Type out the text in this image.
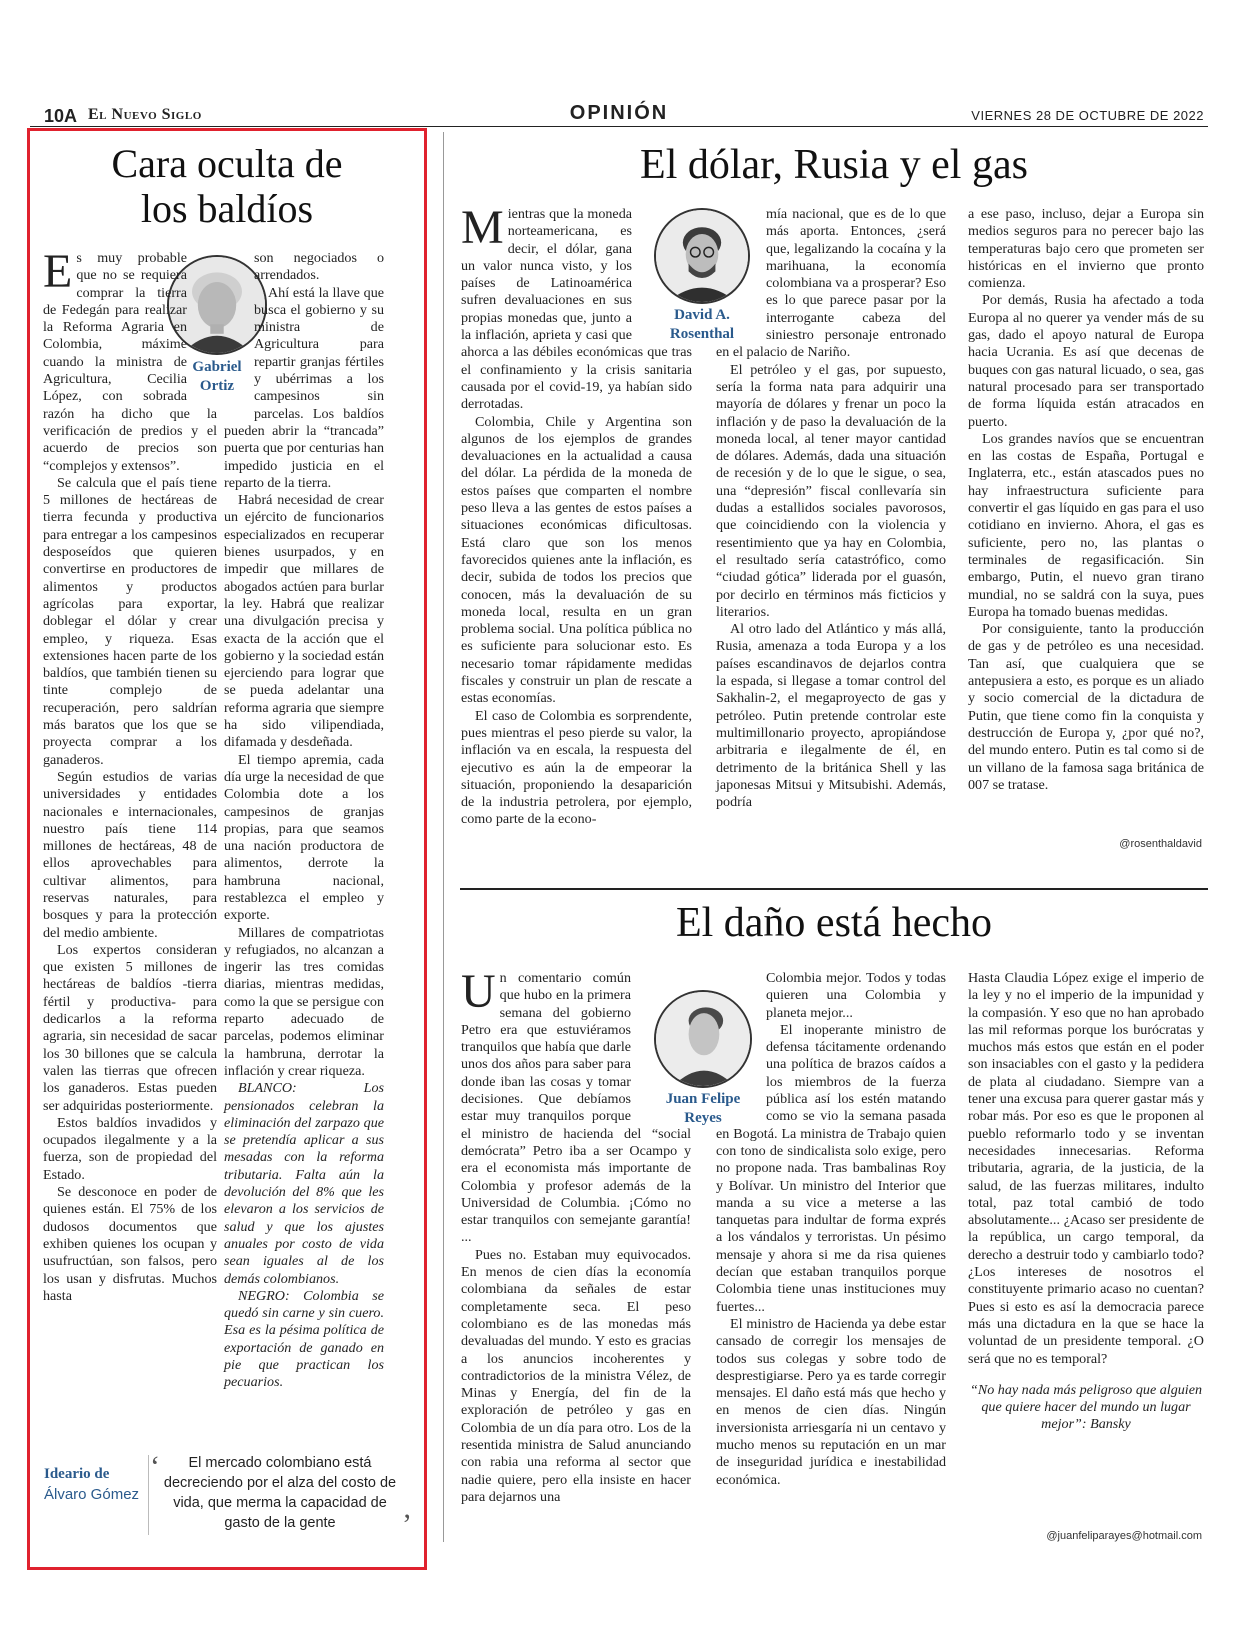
10A El Nuevo Siglo	OPINIÓN	VIERNES 28 DE OCTUBRE DE 2022
Cara oculta de
los baldíos
Gabriel
Ortiz
E s muy probable que no se requiera comprar la tierra de Fedegán para realizar la Reforma Agraria en Colombia, máxime cuando la ministra de Agricultura, Cecilia López, con sobrada razón ha dicho que la verificación de predios y el acuerdo de precios son “complejos y extensos”.

Se calcula que el país tiene 5 millones de hectáreas de tierra fecunda y productiva para entregar a los campesinos desposeídos que quieren convertirse en productores de alimentos y productos agrícolas para exportar, doblegar el dólar y crear empleo, y riqueza. Esas extensiones hacen parte de los baldíos, que también tienen su tinte complejo de recuperación, pero saldrían más baratos que los que se proyecta comprar a los ganaderos.

Según estudios de varias universidades y entidades nacionales e internacionales, nuestro país tiene 114 millones de hectáreas, 48 de ellos aprovechables para cultivar alimentos, para reservas naturales, para bosques y para la protección del medio ambiente.

Los expertos consideran que existen 5 millones de hectáreas de baldíos -tierra fértil y productiva- para dedicarlos a la reforma agraria, sin necesidad de sacar los 30 billones que se calcula valen las tierras que ofrecen los ganaderos. Estas pueden ser adquiridas posteriormente.

Estos baldíos invadidos y ocupados ilegalmente y a la fuerza, son de propiedad del Estado.

Se desconoce en poder de quienes están. El 75% de los dudosos documentos que exhiben quienes los ocupan y usufructúan, son falsos, pero los usan y disfrutas. Muchos hasta

son negociados o arrendados.

Ahí está la llave que busca el gobierno y su ministra de Agricultura para repartir granjas fértiles y ubérrimas a los campesinos sin parcelas. Los baldíos pueden abrir la “trancada” puerta que por centurias han impedido justicia en el reparto de la tierra.

Habrá necesidad de crear un ejército de funcionarios especializados en recuperar bienes usurpados, y en impedir que millares de abogados actúen para burlar la ley. Habrá que realizar una divulgación precisa y exacta de la acción que el gobierno y la sociedad están ejerciendo para lograr que se pueda adelantar una reforma agraria que siempre ha sido vilipendiada, difamada y desdeñada.

El tiempo apremia, cada día urge la necesidad de que Colombia dote a los campesinos de granjas propias, para que seamos una nación productora de alimentos, derrote la hambruna nacional, restablezca el empleo y exporte.

Millares de compatriotas y refugiados, no alcanzan a ingerir las tres comidas diarias, mientras medidas, como la que se persigue con reparto adecuado de parcelas, podemos eliminar la hambruna, derrotar la inflación y crear riqueza.

BLANCO: Los pensionados celebran la eliminación del zarpazo que se pretendía aplicar a sus mesadas con la reforma tributaria. Falta aún la devolución del 8% que les elevaron a los servicios de salud y que los ajustes anuales por costo de vida sean iguales al de los demás colombianos.

NEGRO: Colombia se quedó sin carne y sin cuero. Esa es la pésima política de exportación de ganado en pie que practican los pecuarios.

El dólar, Rusia y el gas
David A.
Rosenthal
M ientras que la moneda norteamericana, es decir, el dólar, gana un valor nunca visto, y los países de Latinoamérica sufren devaluaciones en sus propias monedas que, junto a la inflación, aprieta y casi que ahorca a las débiles económicas que tras el confinamiento y la crisis sanitaria causada por el covid-19, ya habían sido derrotadas.

Colombia, Chile y Argentina son algunos de los ejemplos de grandes devaluaciones en la actualidad a causa del dólar. La pérdida de la moneda de estos países que comparten el nombre peso lleva a las gentes de estos países a situaciones económicas dificultosas. Está claro que son los menos favorecidos quienes ante la inflación, es decir, subida de todos los precios que conocen, más la devaluación de su moneda local, resulta en un gran problema social. Una política pública no es suficiente para solucionar esto. Es necesario tomar rápidamente medidas fiscales y construir un plan de rescate a estas economías.

El caso de Colombia es sorprendente, pues mientras el peso pierde su valor, la inflación va en escala, la respuesta del ejecutivo es aún la de empeorar la situación, proponiendo la desaparición de la industria petrolera, por ejemplo, como parte de la econo-

mía nacional, que es de lo que más aporta. Entonces, ¿será que, legalizando la cocaína y la marihuana, la economía colombiana va a prosperar? Eso es lo que parece pasar por la interrogante cabeza del siniestro personaje entronado en el palacio de Nariño.

El petróleo y el gas, por supuesto, sería la forma nata para adquirir una mayoría de dólares y frenar un poco la inflación y de paso la devaluación de la moneda local, al tener mayor cantidad de dólares. Además, dada una situación de recesión y de lo que le sigue, o sea, una “depresión” fiscal conllevaría sin dudas a estallidos sociales pavorosos, que coincidiendo con la violencia y resentimiento que ya hay en Colombia, el resultado sería catastrófico, como “ciudad gótica” liderada por el guasón, por decirlo en términos más ficticios y literarios.

Al otro lado del Atlántico y más allá, Rusia, amenaza a toda Europa y a los países escandinavos de dejarlos contra la espada, si llegase a tomar control del Sakhalin-2, el megaproyecto de gas y petróleo. Putin pretende controlar este multimillonario proyecto, apropiándose arbitraria e ilegalmente de él, en detrimento de la británica Shell y las japonesas Mitsui y Mitsubishi. Además, podría

a ese paso, incluso, dejar a Europa sin medios seguros para no perecer bajo las temperaturas bajo cero que prometen ser históricas en el invierno que pronto comienza.

Por demás, Rusia ha afectado a toda Europa al no querer ya vender más de su gas, dado el apoyo natural de Europa hacia Ucrania. Es así que decenas de buques con gas natural licuado, o sea, gas natural procesado para ser transportado de forma líquida están atracados en puerto.

Los grandes navíos que se encuentran en las costas de España, Portugal e Inglaterra, etc., están atascados pues no hay infraestructura suficiente para convertir el gas líquido en gas para el uso cotidiano en invierno. Ahora, el gas es suficiente, pero no, las plantas o terminales de regasificación. Sin embargo, Putin, el nuevo gran tirano mundial, no se saldrá con la suya, pues Europa ha tomado buenas medidas.

Por consiguiente, tanto la producción de gas y de petróleo es una necesidad. Tan así, que cualquiera que se antepusiera a esto, es porque es un aliado y socio comercial de la dictadura de Putin, que tiene como fin la conquista y destrucción de Europa y, ¿por qué no?, del mundo entero. Putin es tal como si de un villano de la famosa saga británica de 007 se tratase.

@rosenthaldavid
El daño está hecho
Juan Felipe
Reyes
U n comentario común que hubo en la primera semana del gobierno Petro era que estuviéramos tranquilos que había que darle unos dos años para saber para donde iban las cosas y tomar decisiones. Que debíamos estar muy tranquilos porque el ministro de hacienda del “social demócrata” Petro iba a ser Ocampo y era el economista más importante de Colombia y profesor además de la Universidad de Columbia. ¡Cómo no estar tranquilos con semejante garantía! ...

Pues no. Estaban muy equivocados. En menos de cien días la economía colombiana da señales de estar completamente seca. El peso colombiano es de las monedas más devaluadas del mundo. Y esto es gracias a los anuncios incoherentes y contradictorios de la ministra Vélez, de Minas y Energía, del fin de la exploración de petróleo y gas en Colombia de un día para otro. Los de la resentida ministra de Salud anunciando con rabia una reforma al sector que nadie quiere, pero ella insiste en hacer para dejarnos una

Colombia mejor. Todos y todas quieren una Colombia y planeta mejor...

El inoperante ministro de defensa tácitamente ordenando una política de brazos caídos a los miembros de la fuerza pública así los estén matando como se vio la semana pasada en Bogotá. La ministra de Trabajo quien con tono de sindicalista solo exige, pero no propone nada. Tras bambalinas Roy y Bolívar. Un ministro del Interior que manda a su vice a meterse a las tanquetas para indultar de forma exprés a los vándalos y terroristas. Un pésimo mensaje y ahora si me da risa quienes decían que estaban tranquilos porque Colombia tiene unas instituciones muy fuertes...

El ministro de Hacienda ya debe estar cansado de corregir los mensajes de todos sus colegas y sobre todo de desprestigiarse. Pero ya es tarde corregir mensajes. El daño está más que hecho y en menos de cien días. Ningún inversionista arriesgaría ni un centavo y mucho menos su reputación en un mar de inseguridad jurídica e inestabilidad económica.

Hasta Claudia López exige el imperio de la ley y no el imperio de la impunidad y la compasión. Y eso que no han aprobado las mil reformas porque los burócratas y muchos más estos que están en el poder son insaciables con el gasto y la pedidera de plata al ciudadano. Siempre van a tener una excusa para querer gastar más y robar más. Por eso es que le proponen al pueblo reformarlo todo y se inventan necesidades innecesarias. Reforma tributaria, agraria, de la justicia, de la salud, de las fuerzas militares, indulto total, paz total cambió de todo absolutamente... ¿Acaso ser presidente de la república, un cargo temporal, da derecho a destruir todo y cambiarlo todo? ¿Los intereses de nosotros el constituyente primario acaso no cuentan? Pues si esto es así la democracia parece más una dictadura en la que se hace la voluntad de un presidente temporal. ¿O será que no es temporal?

“No hay nada más peligroso que alguien que quiere hacer del mundo un lugar mejor”: Bansky

@juanfeliparayes@hotmail.com
Ideario de
Álvaro Gómez
‘	El mercado colombiano está decreciendo por el alza del costo de vida, que merma la capacidad de gasto de la gente	’
